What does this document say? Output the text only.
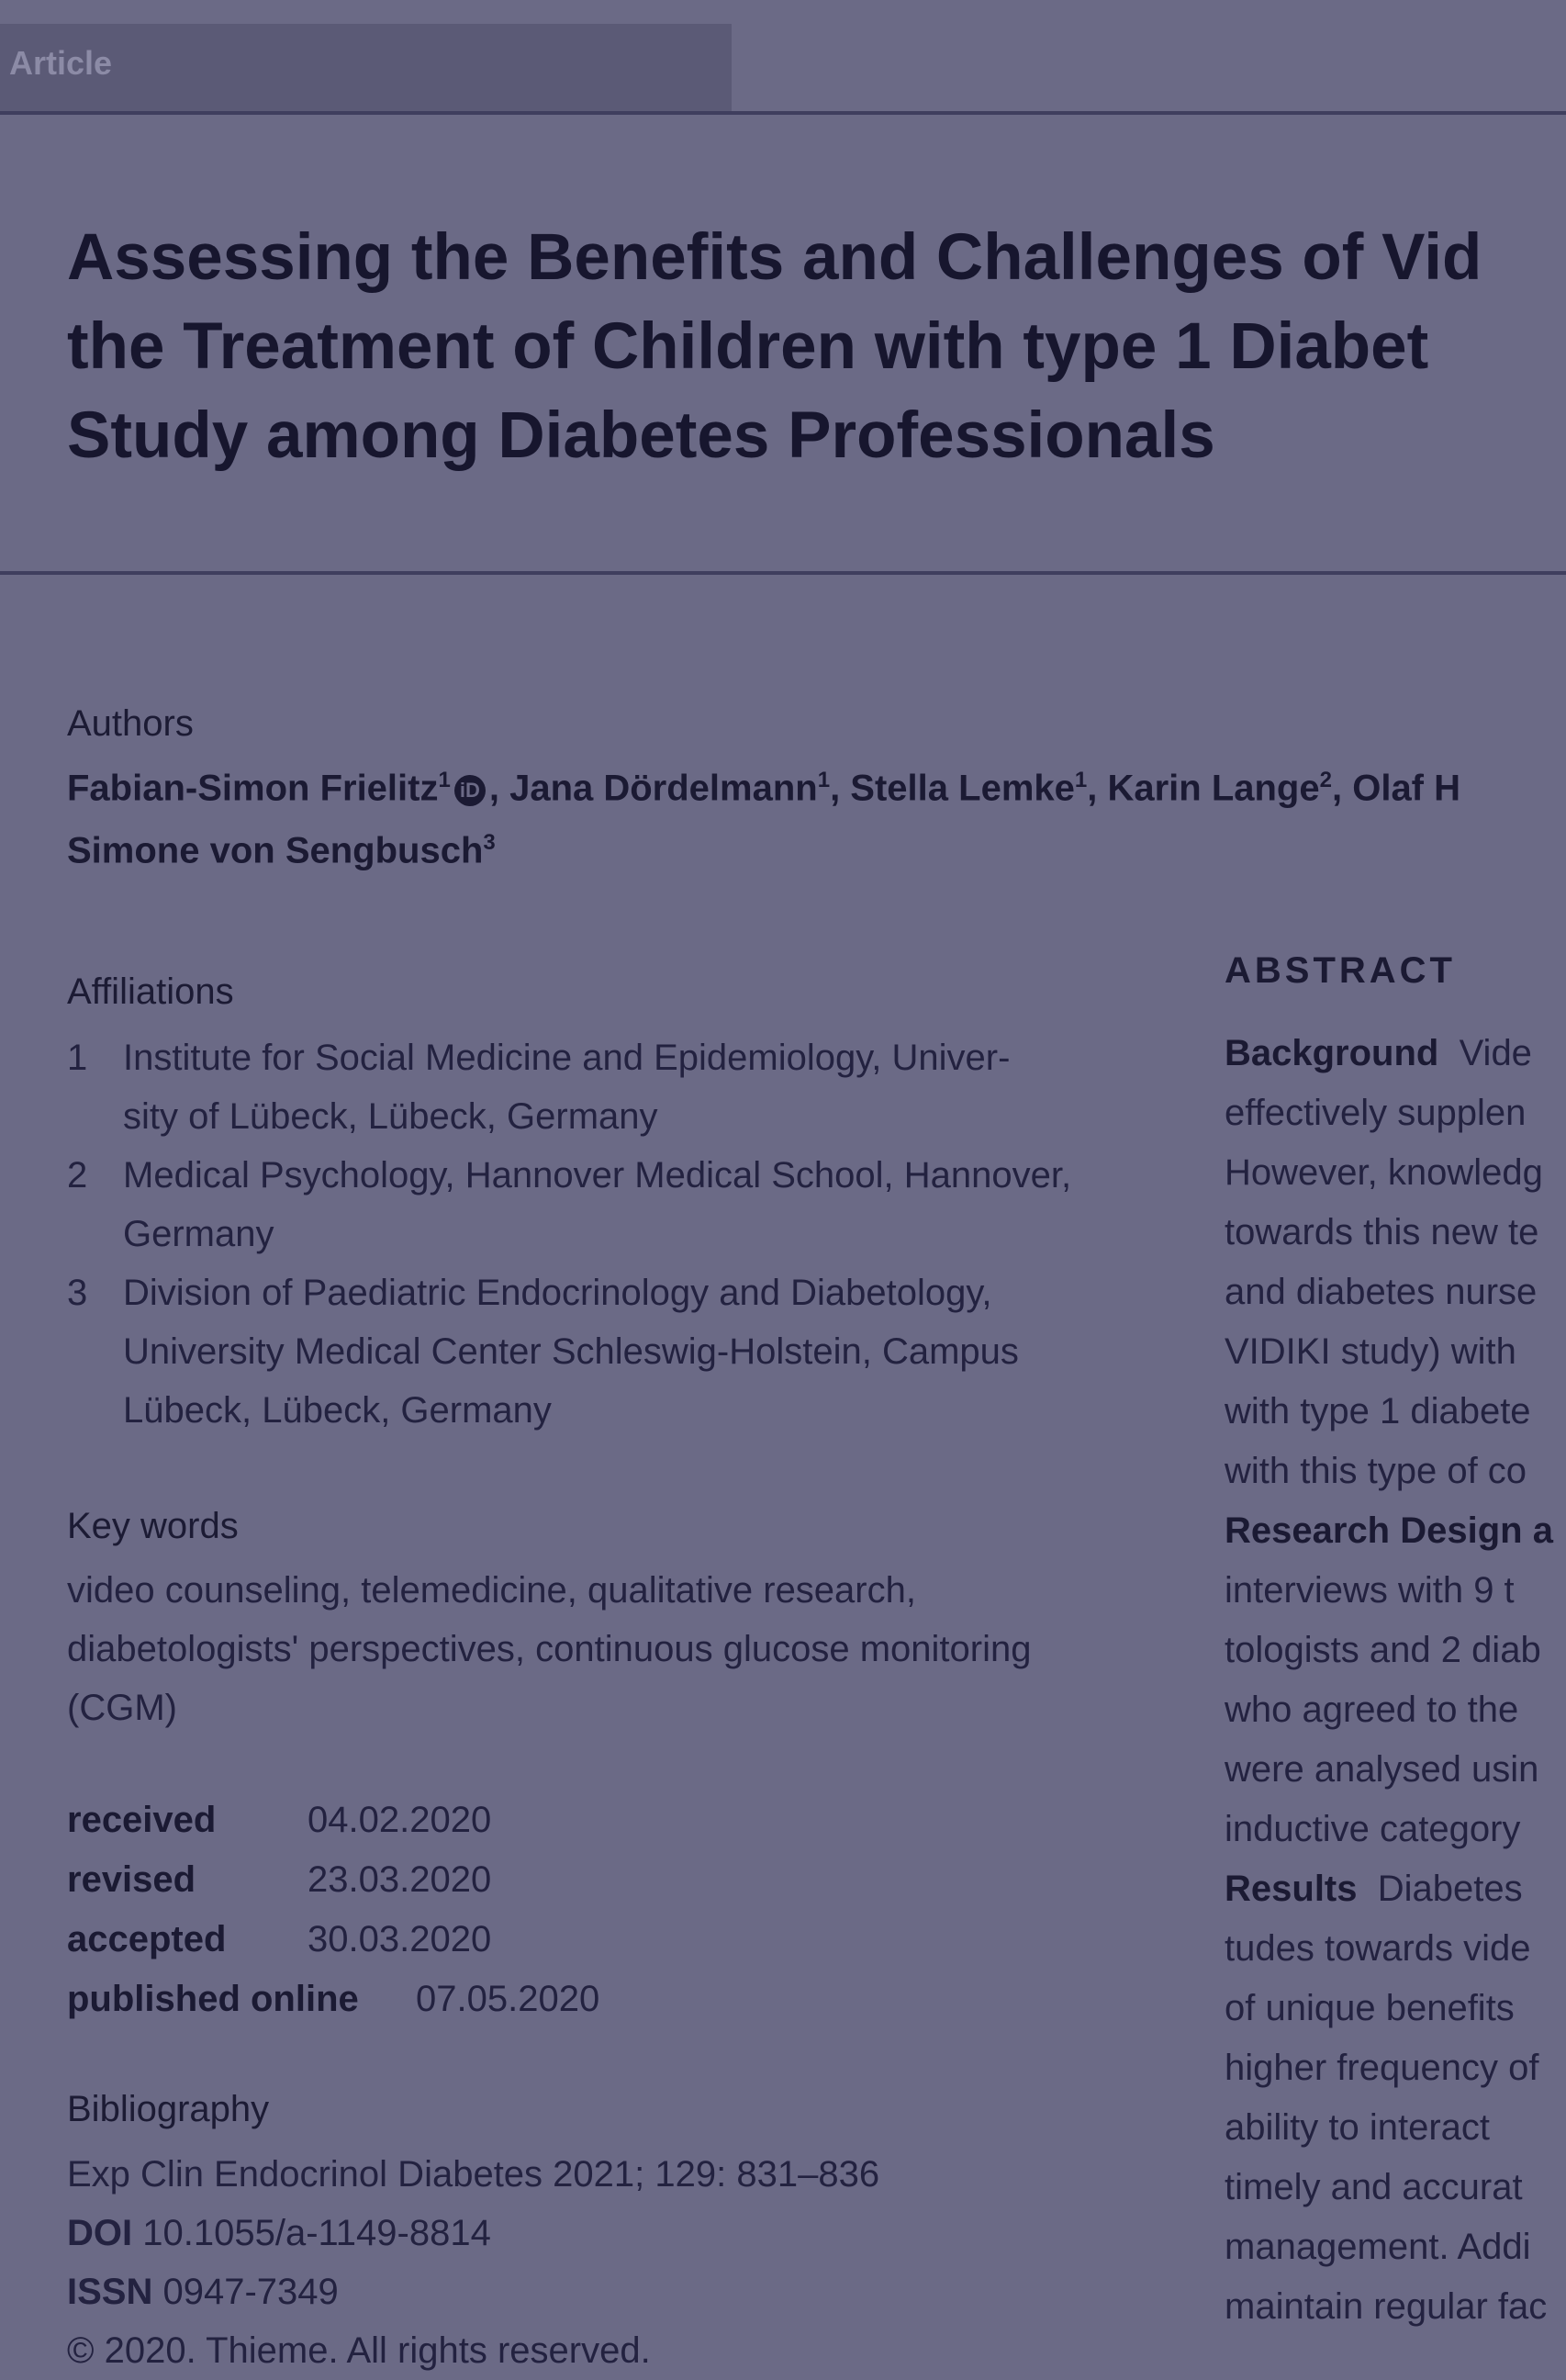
Article
Assessing the Benefits and Challenges of Vid
the Treatment of Children with type 1 Diabet
Study among Diabetes Professionals
Authors
Fabian-Simon Frielitz$^1$ iD , Jana Dördelmann$^1$, Stella Lemke$^1$, Karin Lange$^2$, Olaf H
Simone von Sengbusch$^3$
Affiliations
1 Institute for Social Medicine and Epidemiology, Univer-
sity of Lübeck, Lübeck, Germany
2 Medical Psychology, Hannover Medical School, Hannover,
Germany
3 Division of Paediatric Endocrinology and Diabetology,
University Medical Center Schleswig-Holstein, Campus
Lübeck, Lübeck, Germany
Key words
video counseling, telemedicine, qualitative research,
diabetologists' perspectives, continuous glucose monitoring
(CGM)
received	04.02.2020
revised	23.03.2020
accepted	30.03.2020
published online	07.05.2020
Bibliography
Exp Clin Endocrinol Diabetes 2021; 129: 831–836
DOI 10.1055/a-1149-8814
ISSN 0947-7349
© 2020. Thieme. All rights reserved.
ABSTRACT
Background Vide
effectively supplen
However, knowledg
towards this new te
and diabetes nurse
VIDIKI study) with
with type 1 diabete
with this type of co
Research Design a
interviews with 9 t
tologists and 2 diab
who agreed to the
were analysed usin
inductive category
Results Diabetes
tudes towards vide
of unique benefits
higher frequency of
ability to interact
timely and accurat
management. Addi
maintain regular fac
